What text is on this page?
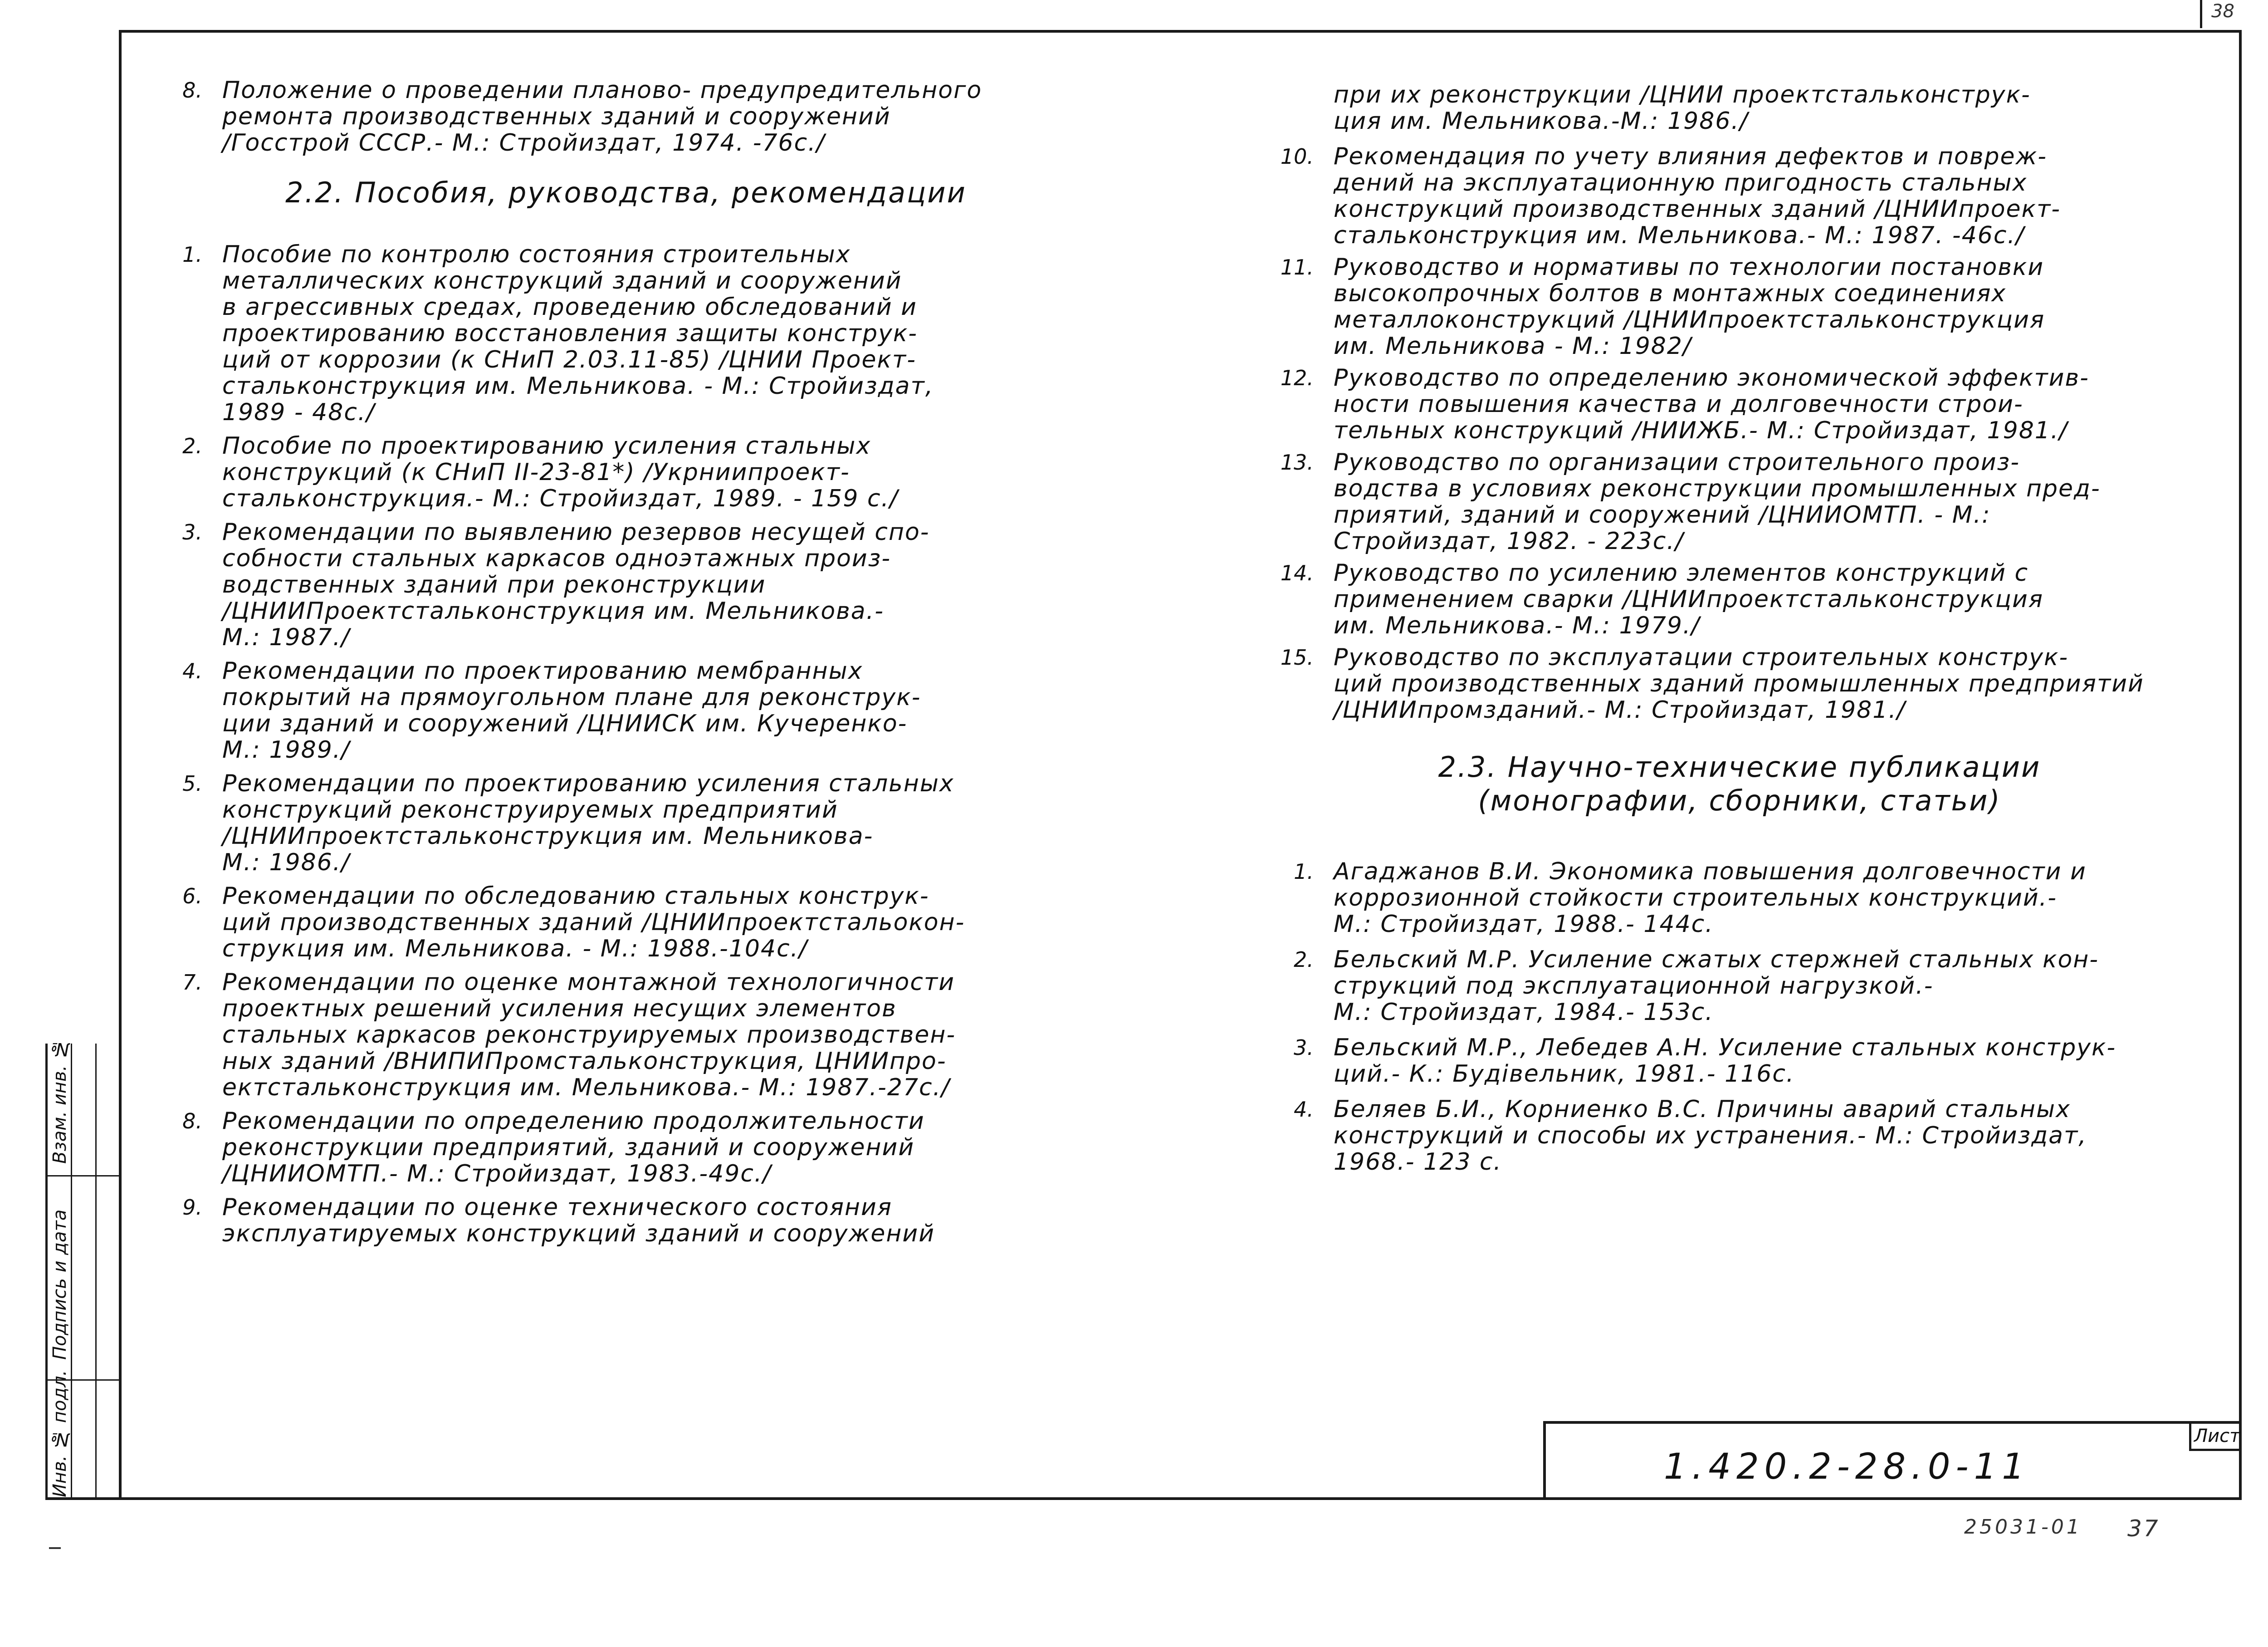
38
Инв. № подл. Подпись и дата Взам. инв. №
8. Положение о проведении планово- предупредительного
ремонта производственных зданий и сооружений
/Госстрой СССР.- М.: Стройиздат, 1974. -76с./
2.2. Пособия, руководства, рекомендации
1. Пособие по контролю состояния строительных
металлических конструкций зданий и сооружений
в агрессивных средах, проведению обследований и
проектированию восстановления защиты конструк-
ций от коррозии (к СНиП 2.03.11-85) /ЦНИИ Проект-
стальконструкция им. Мельникова. - М.: Стройиздат,
1989 - 48с./
2. Пособие по проектированию усиления стальных
конструкций (к СНиП II-23-81*) /Укрниипроект-
стальконструкция.- М.: Стройиздат, 1989. - 159 с./
3. Рекомендации по выявлению резервов несущей спо-
собности стальных каркасов одноэтажных произ-
водственных зданий при реконструкции
/ЦНИИПроектстальконструкция им. Мельникова.-
М.: 1987./
4. Рекомендации по проектированию мембранных
покрытий на прямоугольном плане для реконструк-
ции зданий и сооружений /ЦНИИСК им. Кучеренко-
М.: 1989./
5. Рекомендации по проектированию усиления стальных
конструкций реконструируемых предприятий
/ЦНИИпроектстальконструкция им. Мельникова-
М.: 1986./
6. Рекомендации по обследованию стальных конструк-
ций производственных зданий /ЦНИИпроектстальокон-
струкция им. Мельникова. - М.: 1988.-104с./
7. Рекомендации по оценке монтажной технологичности
проектных решений усиления несущих элементов
стальных каркасов реконструируемых производствен-
ных зданий /ВНИПИПромстальконструкция, ЦНИИпро-
ектстальконструкция им. Мельникова.- М.: 1987.-27с./
8. Рекомендации по определению продолжительности
реконструкции предприятий, зданий и сооружений
/ЦНИИОМТП.- М.: Стройиздат, 1983.-49с./
9. Рекомендации по оценке технического состояния
эксплуатируемых конструкций зданий и сооружений
при их реконструкции /ЦНИИ проектстальконструк-
ция им. Мельникова.-М.: 1986./
10. Рекомендация по учету влияния дефектов и повреж-
дений на эксплуатационную пригодность стальных
конструкций производственных зданий /ЦНИИпроект-
стальконструкция им. Мельникова.- М.: 1987. -46с./
11. Руководство и нормативы по технологии постановки
высокопрочных болтов в монтажных соединениях
металлоконструкций /ЦНИИпроектстальконструкция
им. Мельникова - М.: 1982/
12. Руководство по определению экономической эффектив-
ности повышения качества и долговечности строи-
тельных конструкций /НИИЖБ.- М.: Стройиздат, 1981./
13. Руководство по организации строительного произ-
водства в условиях реконструкции промышленных пред-
приятий, зданий и сооружений /ЦНИИОМТП. - М.:
Стройиздат, 1982. - 223с./
14. Руководство по усилению элементов конструкций с
применением сварки /ЦНИИпроектстальконструкция
им. Мельникова.- М.: 1979./
15. Руководство по эксплуатации строительных конструк-
ций производственных зданий промышленных предприятий
/ЦНИИпромзданий.- М.: Стройиздат, 1981./
2.3. Научно-технические публикации
(монографии, сборники, статьи)
1. Агаджанов В.И. Экономика повышения долговечности и
коррозионной стойкости строительных конструкций.-
М.: Стройиздат, 1988.- 144с.
2. Бельский М.Р. Усиление сжатых стержней стальных кон-
струкций под эксплуатационной нагрузкой.-
М.: Стройиздат, 1984.- 153с.
3. Бельский М.Р., Лебедев А.Н. Усиление стальных конструк-
ций.- К.: Будівельник, 1981.- 116с.
4. Беляев Б.И., Корниенко В.С. Причины аварий стальных
конструкций и способы их устранения.- М.: Стройиздат,
1968.- 123 с.
Лист
1.420.2-28.0-11
25031-01 37
